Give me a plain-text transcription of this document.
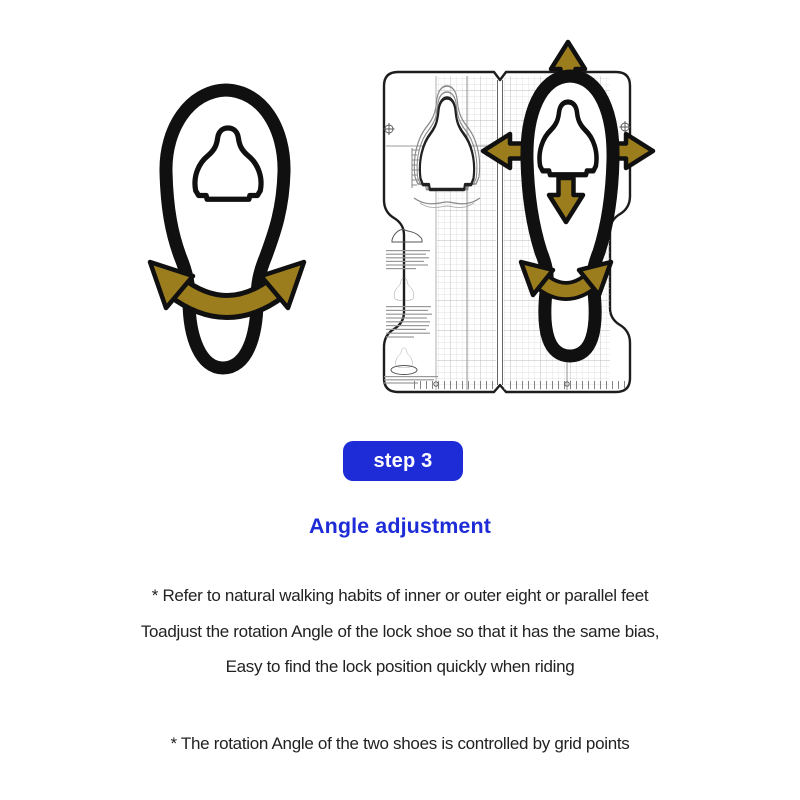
step 3
Angle adjustment

* Refer to natural walking habits of inner or outer eight or parallel feet

Toadjust the rotation Angle of the lock shoe so that it has the same bias,

Easy to find the lock position quickly when riding

* The rotation Angle of the two shoes is controlled by grid points
